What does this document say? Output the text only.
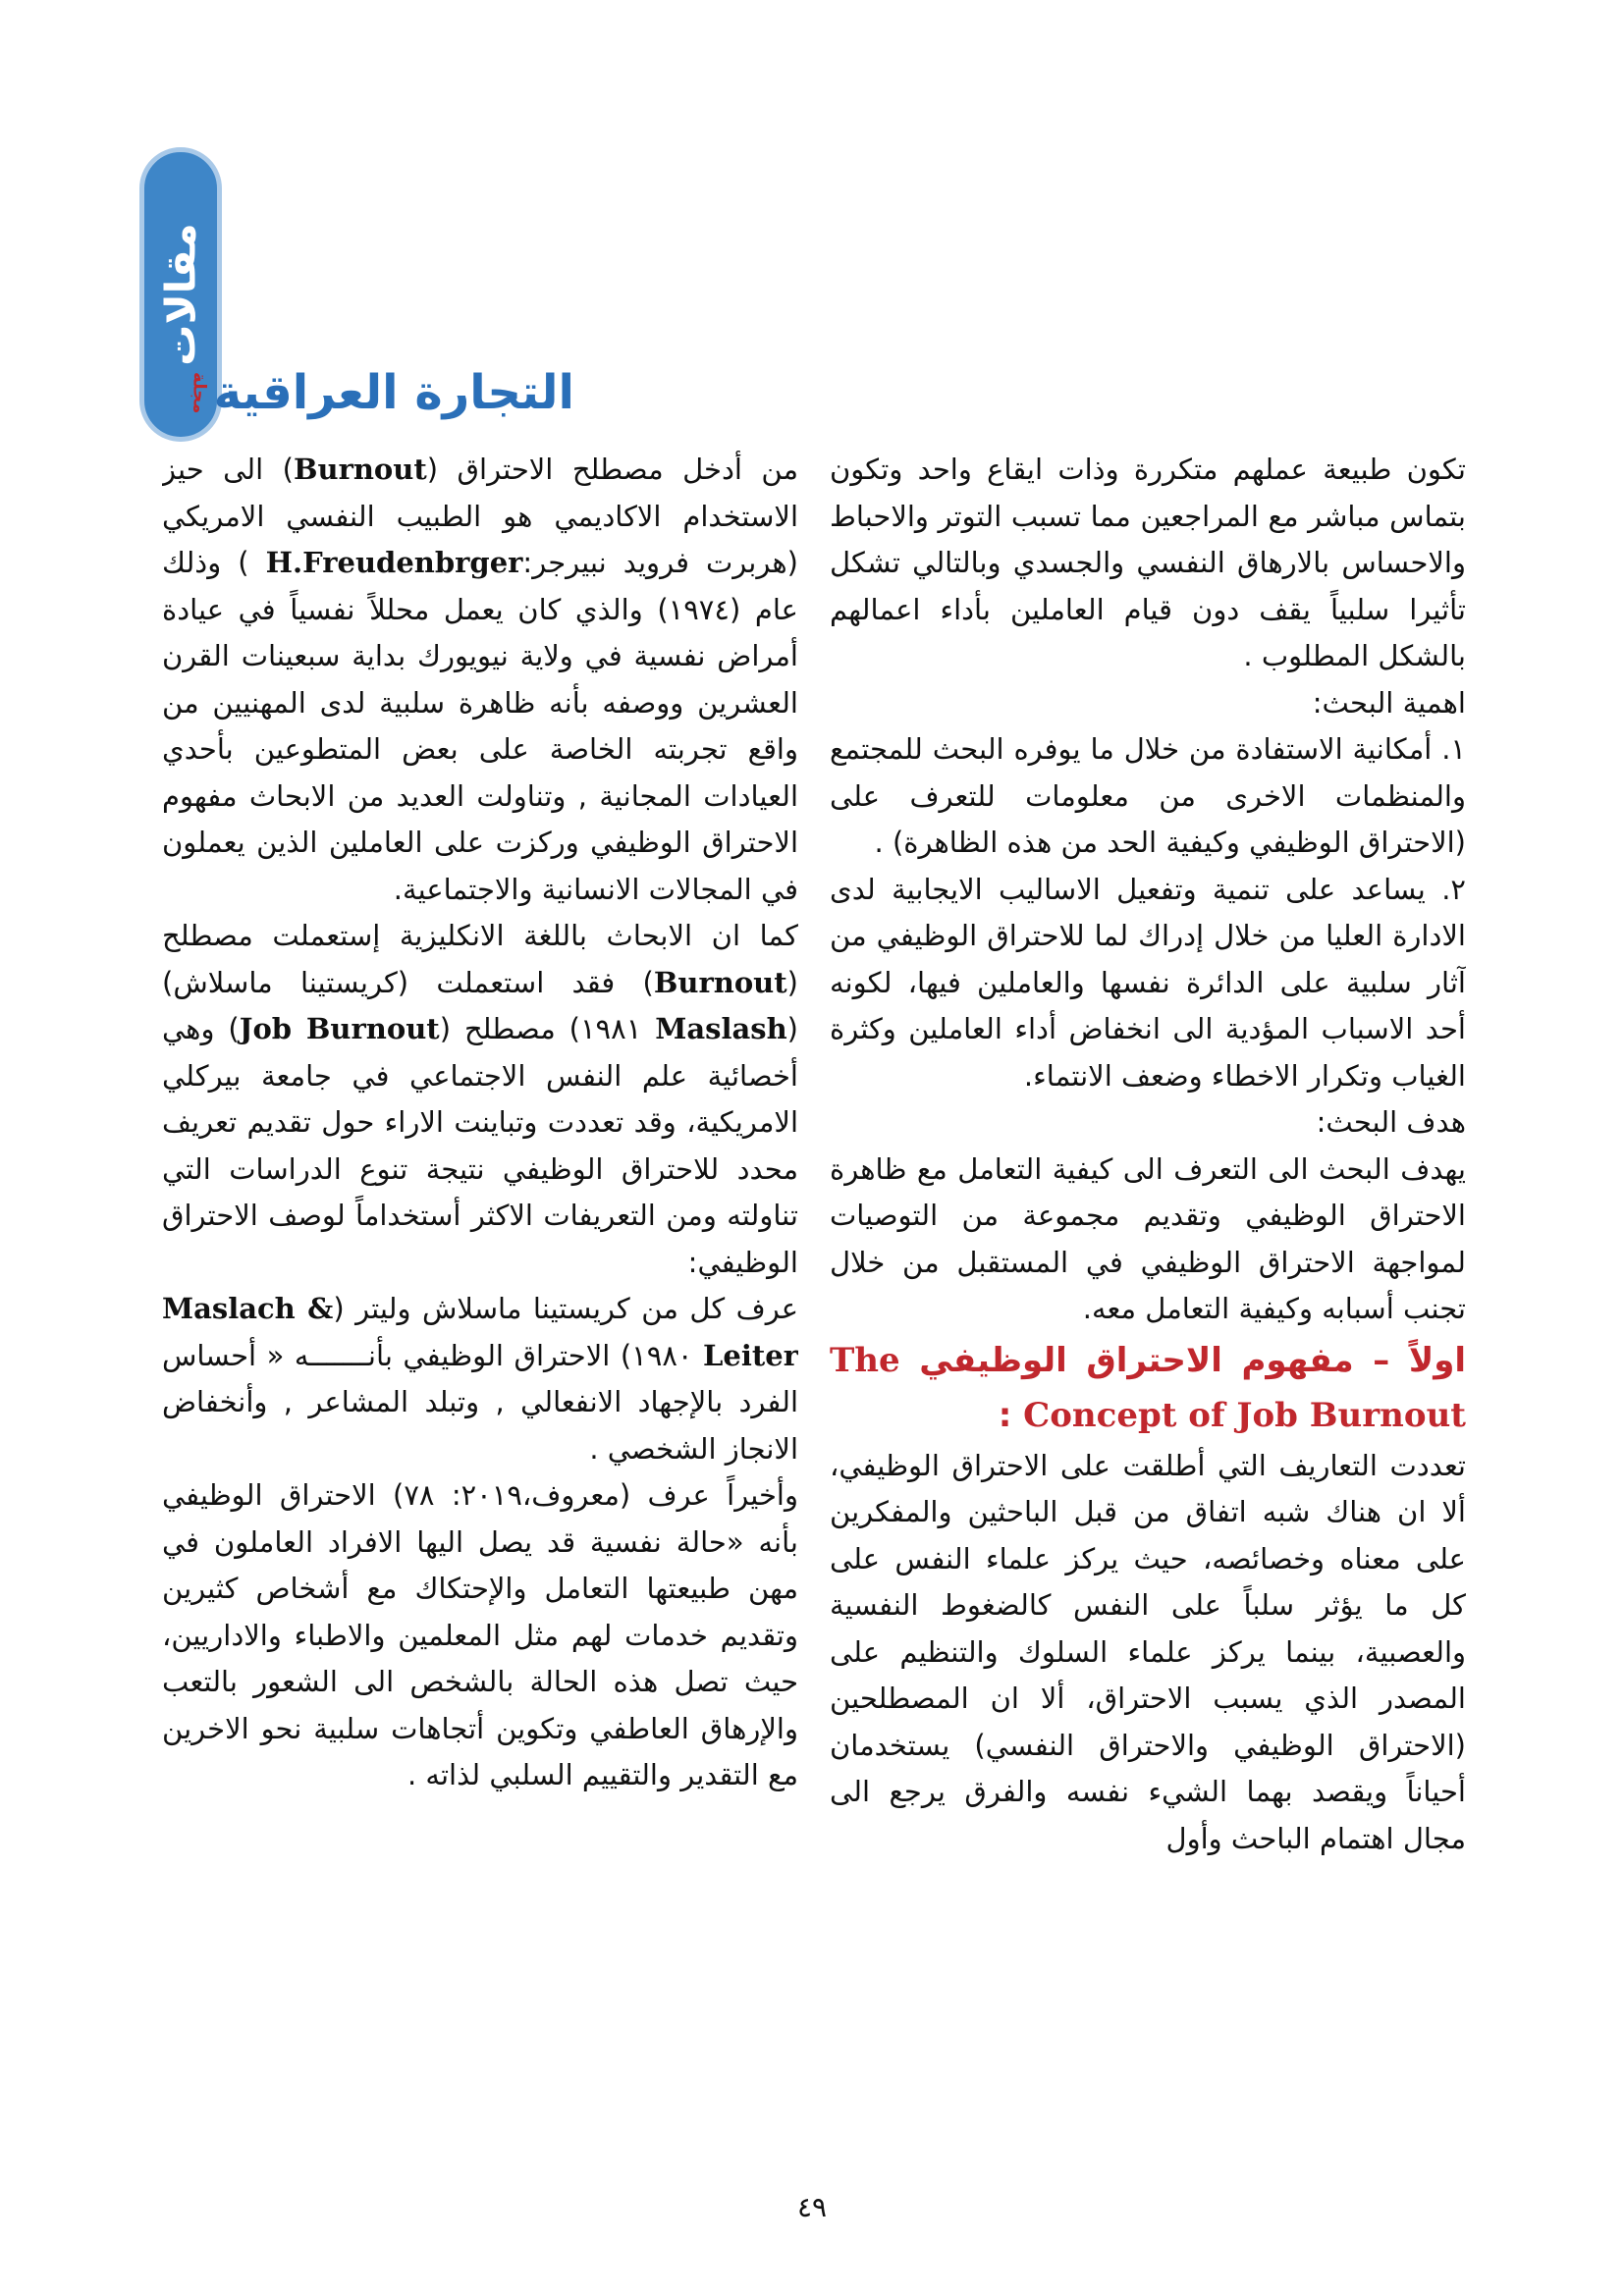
مقالات
التجارة العراقية
مجلة

تكون طبيعة عملهم متكررة وذات ايقاع واحد وتكون بتماس مباشر مع المراجعين مما تسبب التوتر والاحباط والاحساس بالارهاق النفسي والجسدي وبالتالي تشكل تأثيرا سلبياً يقف دون قيام العاملين بأداء اعمالهم بالشكل المطلوب .

اهمية البحث:

١. أمكانية الاستفادة من خلال ما يوفره البحث للمجتمع والمنظمات الاخرى من معلومات للتعرف على (الاحتراق الوظيفي وكيفية الحد من هذه الظاهرة) .

٢. يساعد على تنمية وتفعيل الاساليب الايجابية لدى الادارة العليا من خلال إدراك لما للاحتراق الوظيفي من آثار سلبية على الدائرة نفسها والعاملين فيها، لكونه أحد الاسباب المؤدية الى انخفاض أداء العاملين وكثرة الغياب وتكرار الاخطاء وضعف الانتماء.

هدف البحث:

يهدف البحث الى التعرف الى كيفية التعامل مع ظاهرة الاحتراق الوظيفي وتقديم مجموعة من التوصيات لمواجهة الاحتراق الوظيفي في المستقبل من خلال تجنب أسبابه وكيفية التعامل معه.

اولاً – مفهوم الاحتراق الوظيفي The Concept of Job Burnout :

تعددت التعاريف التي أطلقت على الاحتراق الوظيفي، ألا ان هناك شبه اتفاق من قبل الباحثين والمفكرين على معناه وخصائصه، حيث يركز علماء النفس على كل ما يؤثر سلباً على النفس كالضغوط النفسية والعصبية، بينما يركز علماء السلوك والتنظيم على المصدر الذي يسبب الاحتراق، ألا ان المصطلحين (الاحتراق الوظيفي والاحتراق النفسي) يستخدمان أحياناً ويقصد بهما الشيء نفسه والفرق يرجع الى مجال اهتمام الباحث وأول

من أدخل مصطلح الاحتراق (Burnout) الى حيز الاستخدام الاكاديمي هو الطبيب النفسي الامريكي (هربرت فرويد نبيرجر:H.Freudenbrger ) وذلك عام (١٩٧٤) والذي كان يعمل محللاً نفسياً في عيادة أمراض نفسية في ولاية نيويورك بداية سبعينات القرن العشرين ووصفه بأنه ظاهرة سلبية لدى المهنيين من واقع تجربته الخاصة على بعض المتطوعين بأحدي العيادات المجانية , وتناولت العديد من الابحاث مفهوم الاحتراق الوظيفي وركزت على العاملين الذين يعملون في المجالات الانسانية والاجتماعية.

كما ان الابحاث باللغة الانكليزية إستعملت مصطلح (Burnout) فقد استعملت (كريستينا ماسلاش) (Maslash ١٩٨١) مصطلح (Job Burnout) وهي أخصائية علم النفس الاجتماعي في جامعة بيركلي الامريكية، وقد تعددت وتباينت الاراء حول تقديم تعريف محدد للاحتراق الوظيفي نتيجة تنوع الدراسات التي تناولته ومن التعريفات الاكثر أستخداماً لوصف الاحتراق الوظيفي:

عرف كل من كريستينا ماسلاش وليتر (Maslach & Leiter ١٩٨٠) الاحتراق الوظيفي بأنـــــــه « أحساس الفرد بالإجهاد الانفعالي , وتبلد المشاعر , وأنخفاض الانجاز الشخصي .

وأخيراً عرف (معروف،٢٠١٩: ٧٨) الاحتراق الوظيفي بأنه «حالة نفسية قد يصل اليها الافراد العاملون في مهن طبيعتها التعامل والإحتكاك مع أشخاص كثيرين وتقديم خدمات لهم مثل المعلمين والاطباء والاداريين، حيث تصل هذه الحالة بالشخص الى الشعور بالتعب والإرهاق العاطفي وتكوين أتجاهات سلبية نحو الاخرين مع التقدير والتقييم السلبي لذاته .

٤٩
